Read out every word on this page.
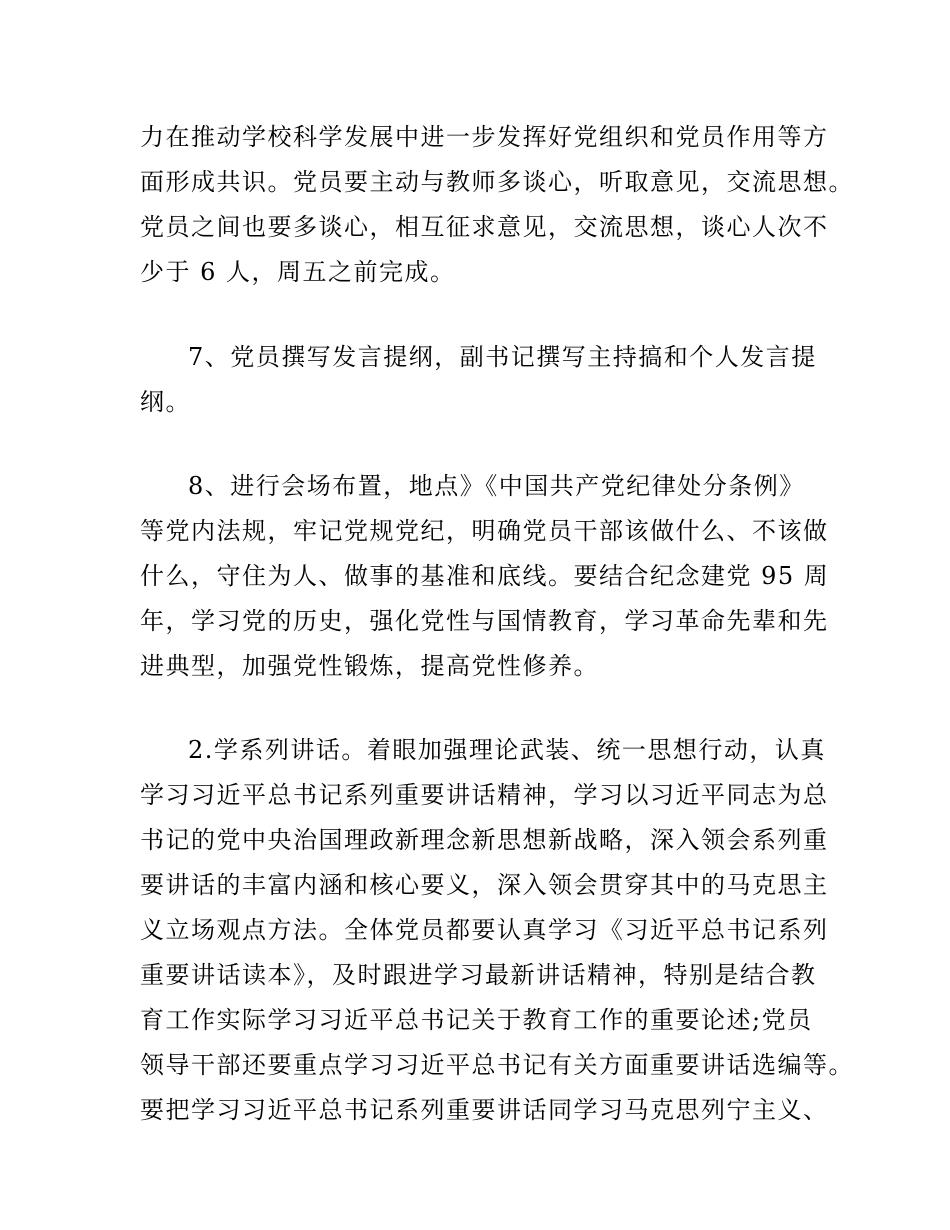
力在推动学校科学发展中进一步发挥好党组织和党员作用等方
面形成共识。党员要主动与教师多谈心，听取意见，交流思想。
党员之间也要多谈心，相互征求意见，交流思想，谈心人次不
少于 6 人，周五之前完成。
7、党员撰写发言提纲，副书记撰写主持搞和个人发言提
纲。
8、进行会场布置，地点》《中国共产党纪律处分条例》
等党内法规，牢记党规党纪，明确党员干部该做什么、不该做
什么，守住为人、做事的基准和底线。要结合纪念建党 95 周
年，学习党的历史，强化党性与国情教育，学习革命先辈和先
进典型，加强党性锻炼，提高党性修养。
2.学系列讲话。着眼加强理论武装、统一思想行动，认真
学习习近平总书记系列重要讲话精神，学习以习近平同志为总
书记的党中央治国理政新理念新思想新战略，深入领会系列重
要讲话的丰富内涵和核心要义，深入领会贯穿其中的马克思主
义立场观点方法。全体党员都要认真学习《习近平总书记系列
重要讲话读本》，及时跟进学习最新讲话精神，特别是结合教
育工作实际学习习近平总书记关于教育工作的重要论述;党员
领导干部还要重点学习习近平总书记有关方面重要讲话选编等。
要把学习习近平总书记系列重要讲话同学习马克思列宁主义、
